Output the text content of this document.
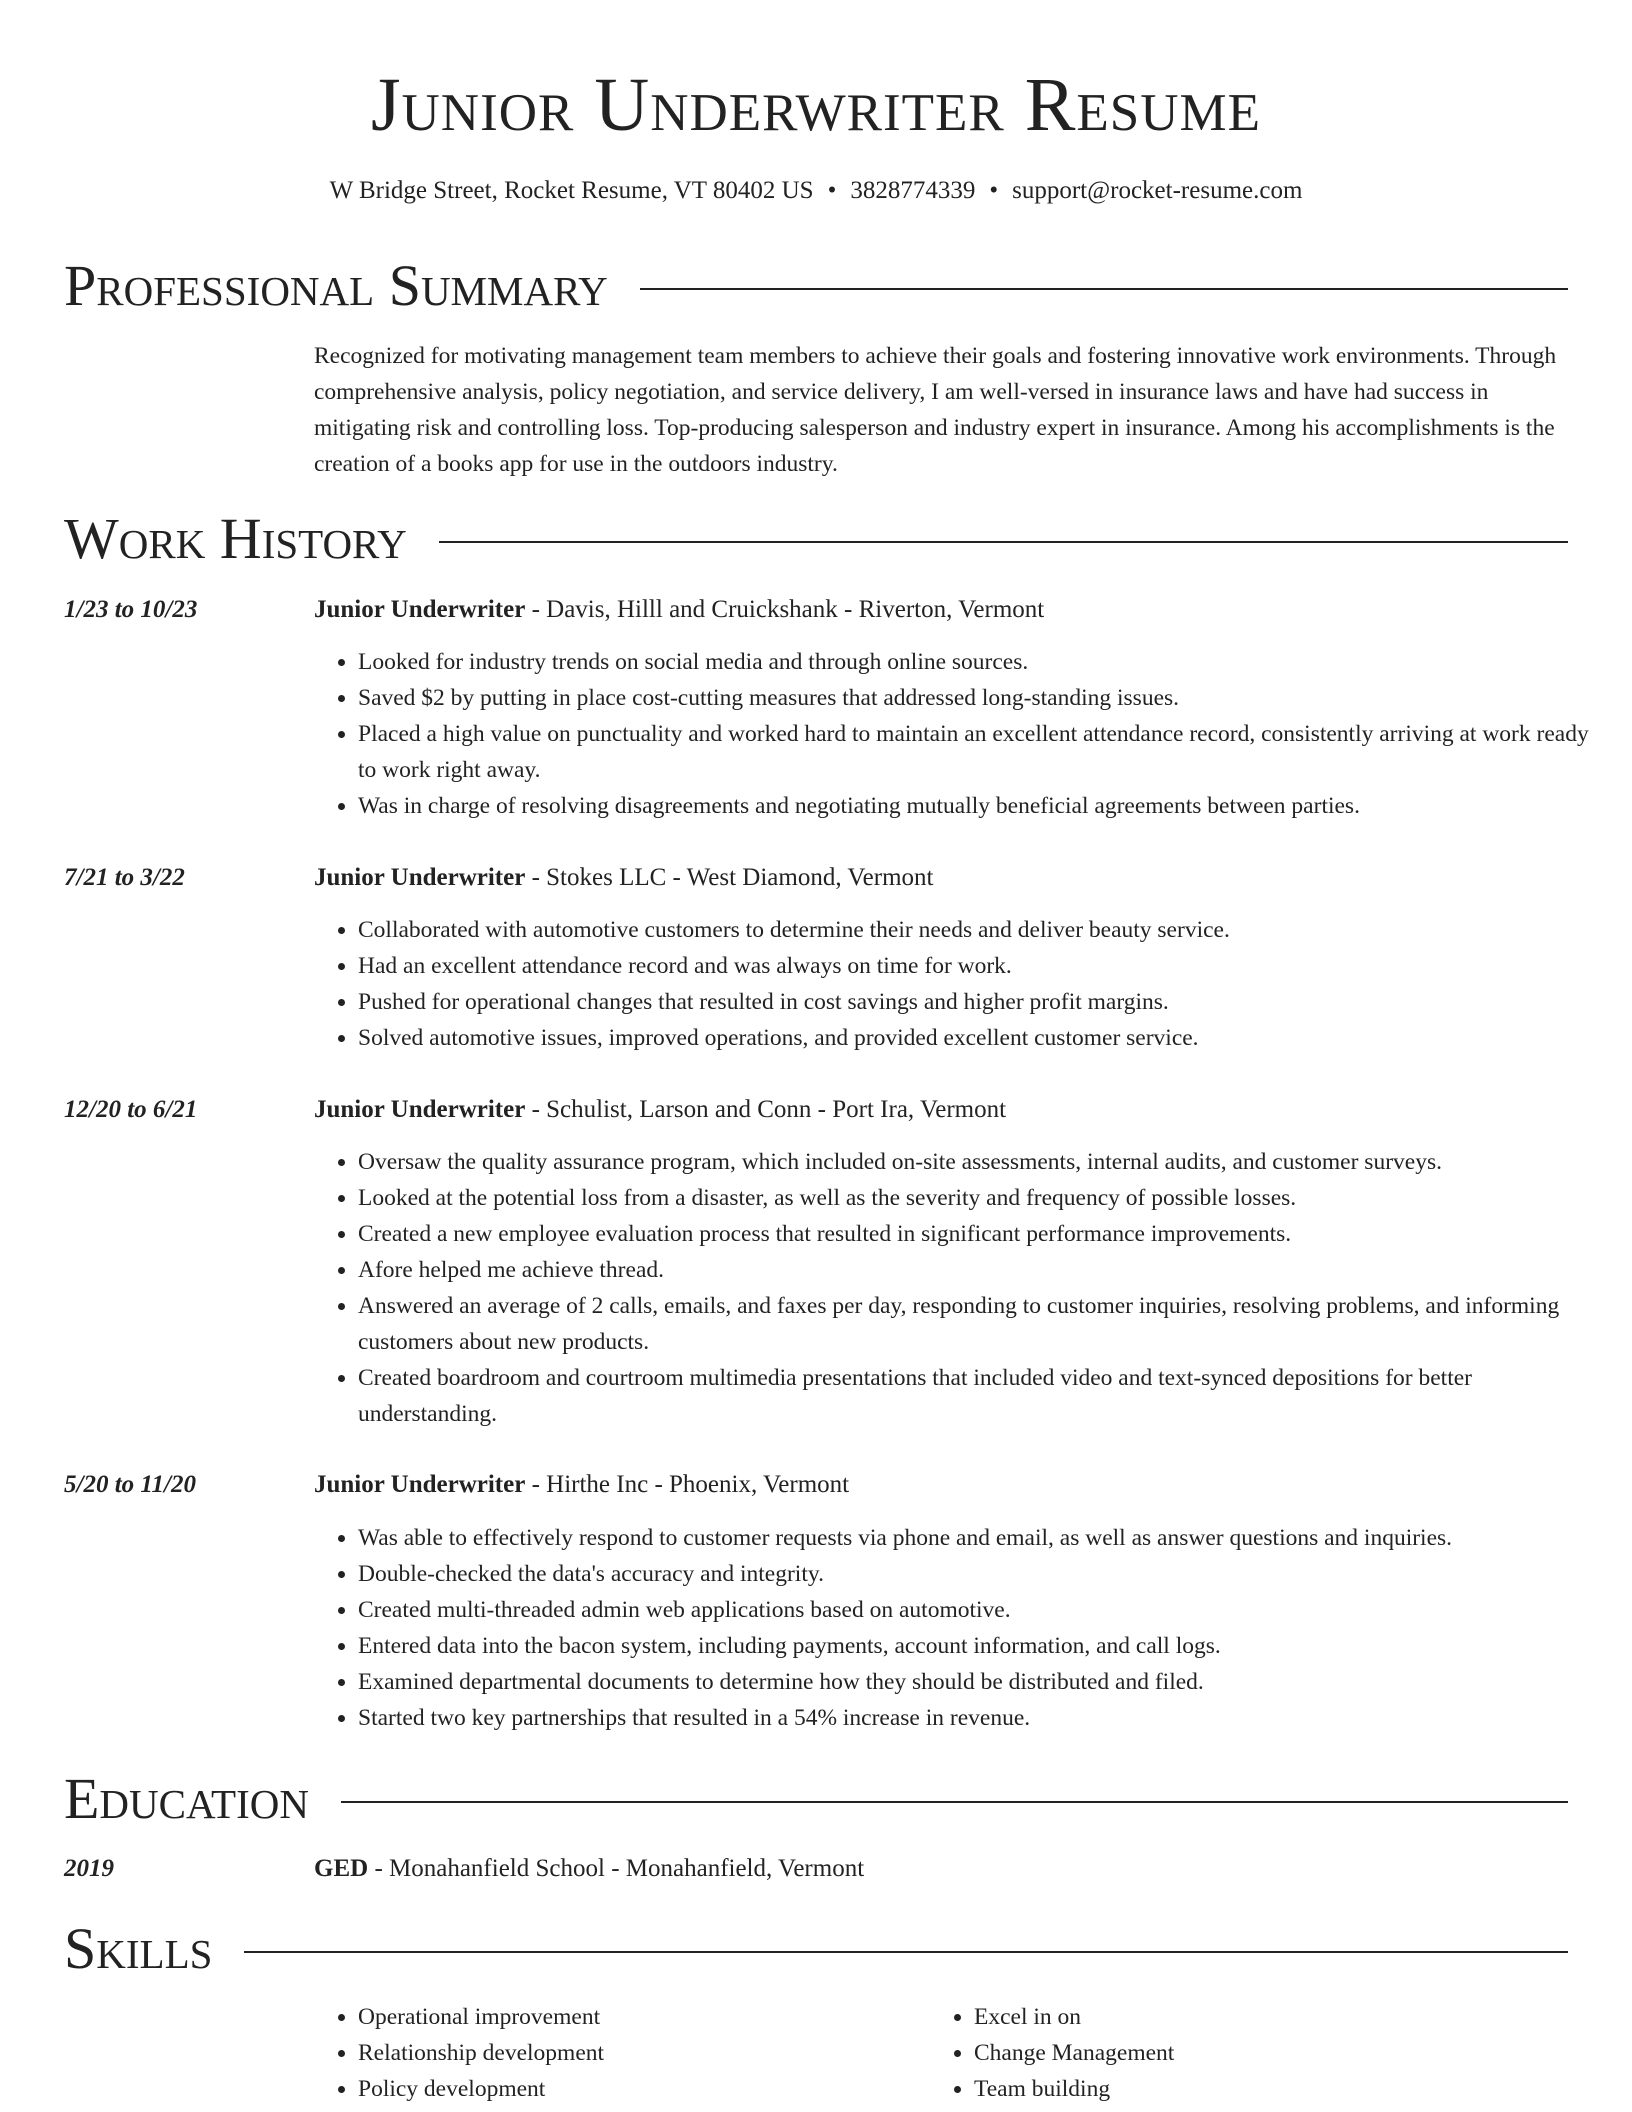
Junior Underwriter Resume
W Bridge Street, Rocket Resume, VT 80402 US • 3828774339 • support@rocket-resume.com
Professional Summary

Recognized for motivating management team members to achieve their goals and fostering innovative work environments. Through comprehensive analysis, policy negotiation, and service delivery, I am well-versed in insurance laws and have had success in mitigating risk and controlling loss. Top-producing salesperson and industry expert in insurance. Among his accomplishments is the creation of a books app for use in the outdoors industry.

Work History
1/23 to 10/23	Junior Underwriter - Davis, Hilll and Cruickshank - Riverton, Vermont
• Looked for industry trends on social media and through online sources.
• Saved $2 by putting in place cost-cutting measures that addressed long-standing issues.
• Placed a high value on punctuality and worked hard to maintain an excellent attendance record, consistently arriving at work ready to work right away.
• Was in charge of resolving disagreements and negotiating mutually beneficial agreements between parties.
7/21 to 3/22	Junior Underwriter - Stokes LLC - West Diamond, Vermont
• Collaborated with automotive customers to determine their needs and deliver beauty service.
• Had an excellent attendance record and was always on time for work.
• Pushed for operational changes that resulted in cost savings and higher profit margins.
• Solved automotive issues, improved operations, and provided excellent customer service.
12/20 to 6/21	Junior Underwriter - Schulist, Larson and Conn - Port Ira, Vermont
• Oversaw the quality assurance program, which included on-site assessments, internal audits, and customer surveys.
• Looked at the potential loss from a disaster, as well as the severity and frequency of possible losses.
• Created a new employee evaluation process that resulted in significant performance improvements.
• Afore helped me achieve thread.
• Answered an average of 2 calls, emails, and faxes per day, responding to customer inquiries, resolving problems, and informing customers about new products.
• Created boardroom and courtroom multimedia presentations that included video and text-synced depositions for better understanding.
5/20 to 11/20	Junior Underwriter - Hirthe Inc - Phoenix, Vermont
• Was able to effectively respond to customer requests via phone and email, as well as answer questions and inquiries.
• Double-checked the data's accuracy and integrity.
• Created multi-threaded admin web applications based on automotive.
• Entered data into the bacon system, including payments, account information, and call logs.
• Examined departmental documents to determine how they should be distributed and filed.
• Started two key partnerships that resulted in a 54% increase in revenue.
Education
2019	GED - Monahanfield School - Monahanfield, Vermont
Skills
• Operational improvement
• Relationship development
• Policy development
• Excel in on
• Change Management
• Team building
